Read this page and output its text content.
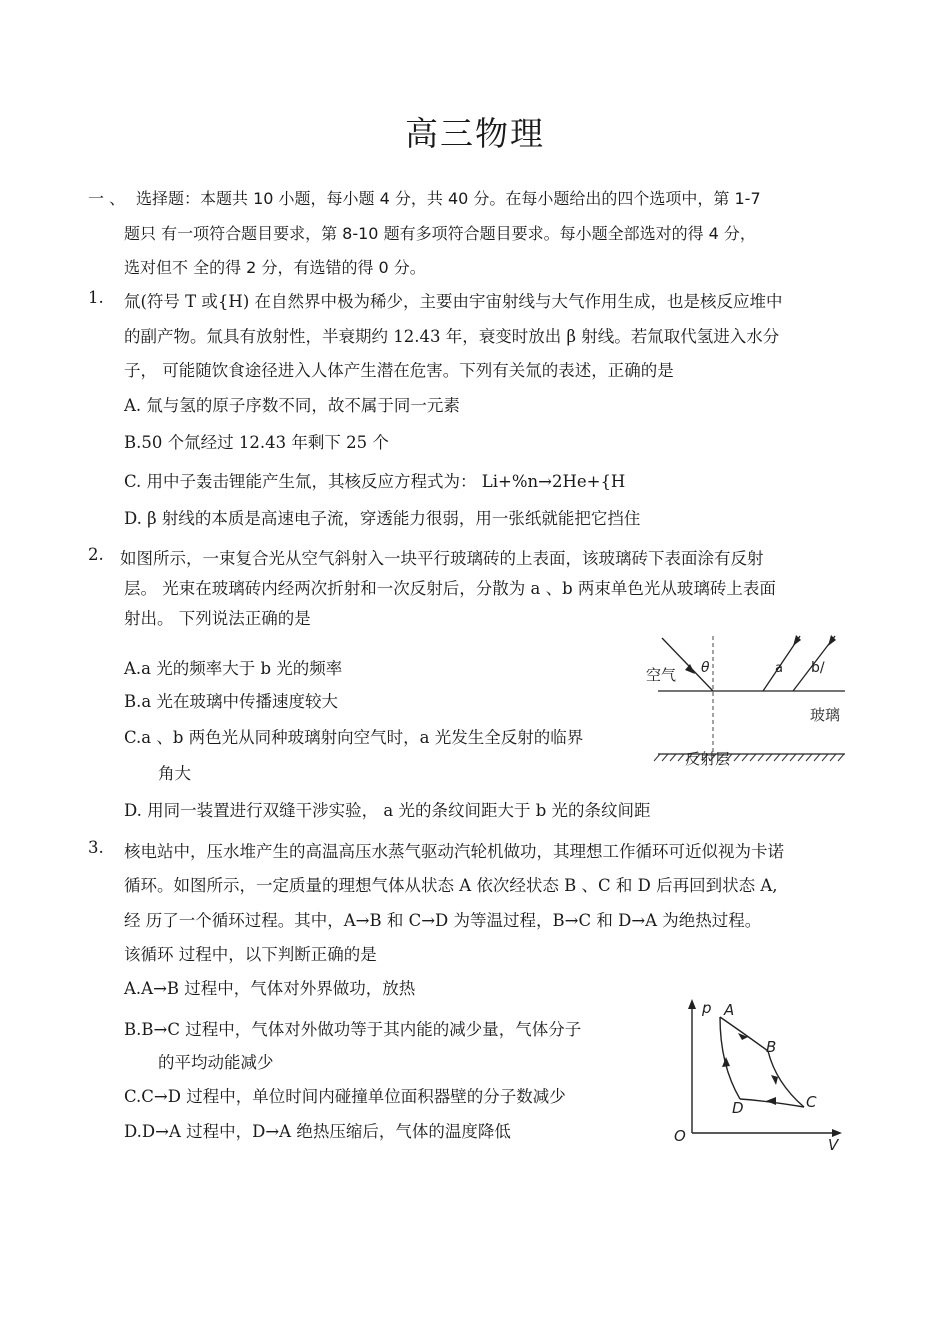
高三物理
一 、 选择题：本题共 10 小题，每小题 4 分，共 40 分。在每小题给出的四个选项中，第 1-7
题只 有一项符合题目要求，第 8-10 题有多项符合题目要求。每小题全部选对的得 4 分，
选对但不 全的得 2 分，有选错的得 0 分。
1. 氚(符号 T 或{H) 在自然界中极为稀少，主要由宇宙射线与大气作用生成，也是核反应堆中
的副产物。氚具有放射性，半衰期约 12.43 年，衰变时放出 β 射线。若氚取代氢进入水分
子， 可能随饮食途径进入人体产生潜在危害。下列有关氚的表述，正确的是
A. 氚与氢的原子序数不同，故不属于同一元素
B.50 个氚经过 12.43 年剩下 25 个
C. 用中子轰击锂能产生氚，其核反应方程式为： Li+%n→2He+{H
D. β 射线的本质是高速电子流，穿透能力很弱，用一张纸就能把它挡住
2. 如图所示，一束复合光从空气斜射入一块平行玻璃砖的上表面，该玻璃砖下表面涂有反射
层。 光束在玻璃砖内经两次折射和一次反射后，分散为 a 、b 两束单色光从玻璃砖上表面
射出。 下列说法正确的是
A.a 光的频率大于 b 光的频率
B.a 光在玻璃中传播速度较大
C.a 、b 两色光从同种玻璃射向空气时，a 光发生全反射的临界
角大
D. 用同一装置进行双缝干涉实验， a 光的条纹间距大于 b 光的条纹间距
空气 θ	a b/
玻璃
反射层
3. 核电站中，压水堆产生的高温高压水蒸气驱动汽轮机做功，其理想工作循环可近似视为卡诺
循环。如图所示，一定质量的理想气体从状态 A 依次经状态 B 、C 和 D 后再回到状态 A,
经 历了一个循环过程。其中，A→B 和 C→D 为等温过程，B→C 和 D→A 为绝热过程。
该循环 过程中，以下判断正确的是
A.A→B 过程中，气体对外界做功，放热
B.B→C 过程中，气体对外做功等于其内能的减少量，气体分子
的平均动能减少
C.C→D 过程中，单位时间内碰撞单位面积器壁的分子数减少
D.D→A 过程中，D→A 绝热压缩后，气体的温度降低
p
V
O
A
B
C
D
